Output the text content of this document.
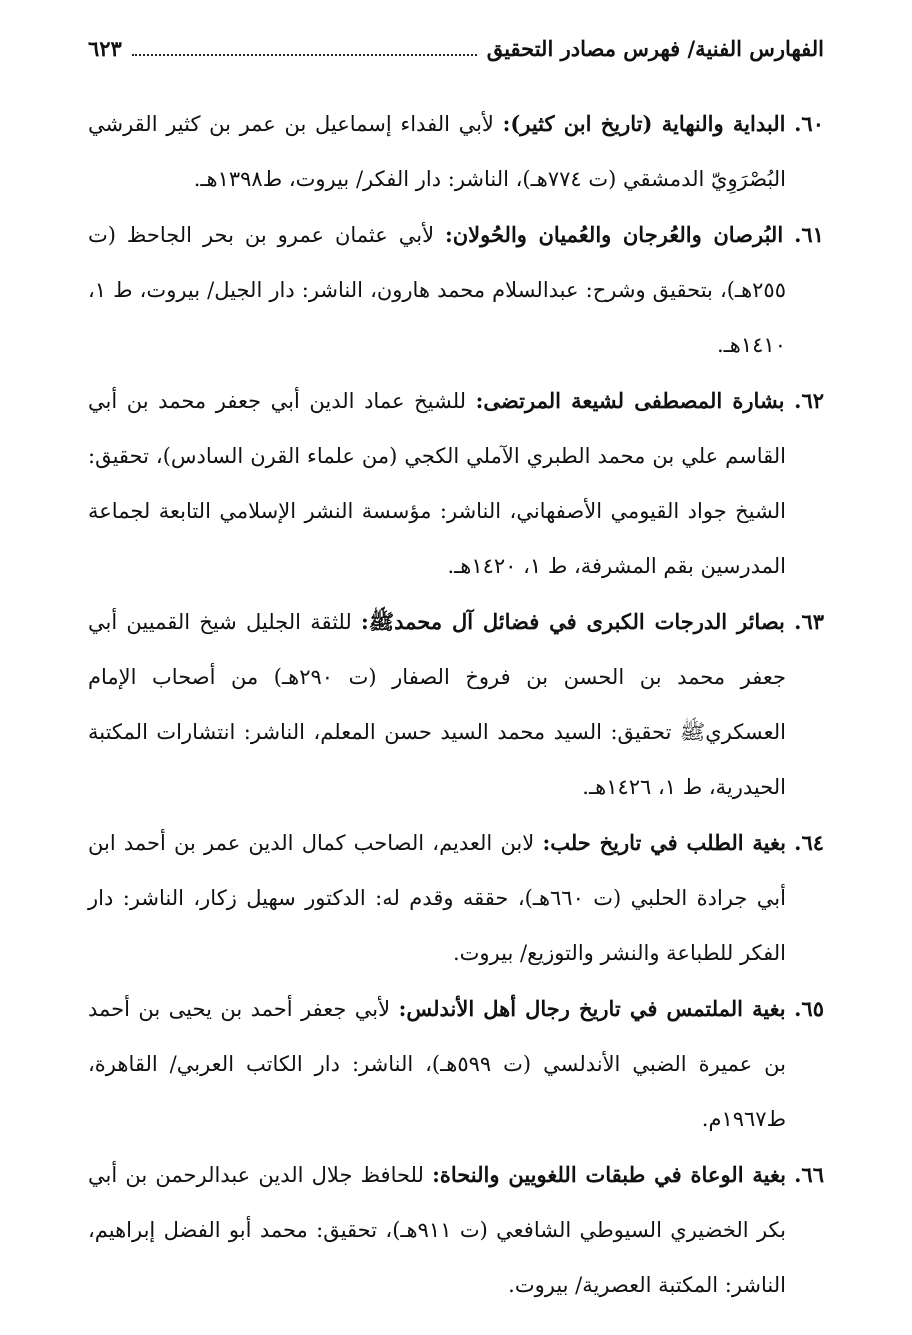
الفهارس الفنية/ فهرس مصادر التحقيق
٦٢٣

٦٠. البداية والنهاية (تاريخ ابن كثير): لأبي الفداء إسماعيل بن عمر بن كثير القرشي البُصْرَوِيّ الدمشقي (ت ٧٧٤هـ)، الناشر: دار الفكر/ بيروت، ط١٣٩٨هـ.

٦١. البُرصان والعُرجان والعُميان والحُولان: لأبي عثمان عمرو بن بحر الجاحظ (ت ٢٥٥هـ)، بتحقيق وشرح: عبدالسلام محمد هارون، الناشر: دار الجيل/ بيروت، ط ١، ١٤١٠هـ.

٦٢. بشارة المصطفى لشيعة المرتضى: للشيخ عماد الدين أبي جعفر محمد بن أبي القاسم علي بن محمد الطبري الآملي الكجي (من علماء القرن السادس)، تحقيق: الشيخ جواد القيومي الأصفهاني، الناشر: مؤسسة النشر الإسلامي التابعة لجماعة المدرسين بقم المشرفة، ط ١، ١٤٢٠هـ.

٦٣. بصائر الدرجات الكبرى في فضائل آل محمدﷺ: للثقة الجليل شيخ القميين أبي جعفر محمد بن الحسن بن فروخ الصفار (ت ٢٩٠هـ) من أصحاب الإمام العسكريﷺ تحقيق: السيد محمد السيد حسن المعلم، الناشر: انتشارات المكتبة الحيدرية، ط ١، ١٤٢٦هـ.

٦٤. بغية الطلب في تاريخ حلب: لابن العديم، الصاحب كمال الدين عمر بن أحمد ابن أبي جرادة الحلبي (ت ٦٦٠هـ)، حققه وقدم له: الدكتور سهيل زكار، الناشر: دار الفكر للطباعة والنشر والتوزيع/ بيروت.

٦٥. بغية الملتمس في تاريخ رجال أهل الأندلس: لأبي جعفر أحمد بن يحيى بن أحمد بن عميرة الضبي الأندلسي (ت ٥٩٩هـ)، الناشر: دار الكاتب العربي/ القاهرة، ط١٩٦٧م.

٦٦. بغية الوعاة في طبقات اللغويين والنحاة: للحافظ جلال الدين عبدالرحمن بن أبي بكر الخضيري السيوطي الشافعي (ت ٩١١هـ)، تحقيق: محمد أبو الفضل إبراهيم، الناشر: المكتبة العصرية/ بيروت.
